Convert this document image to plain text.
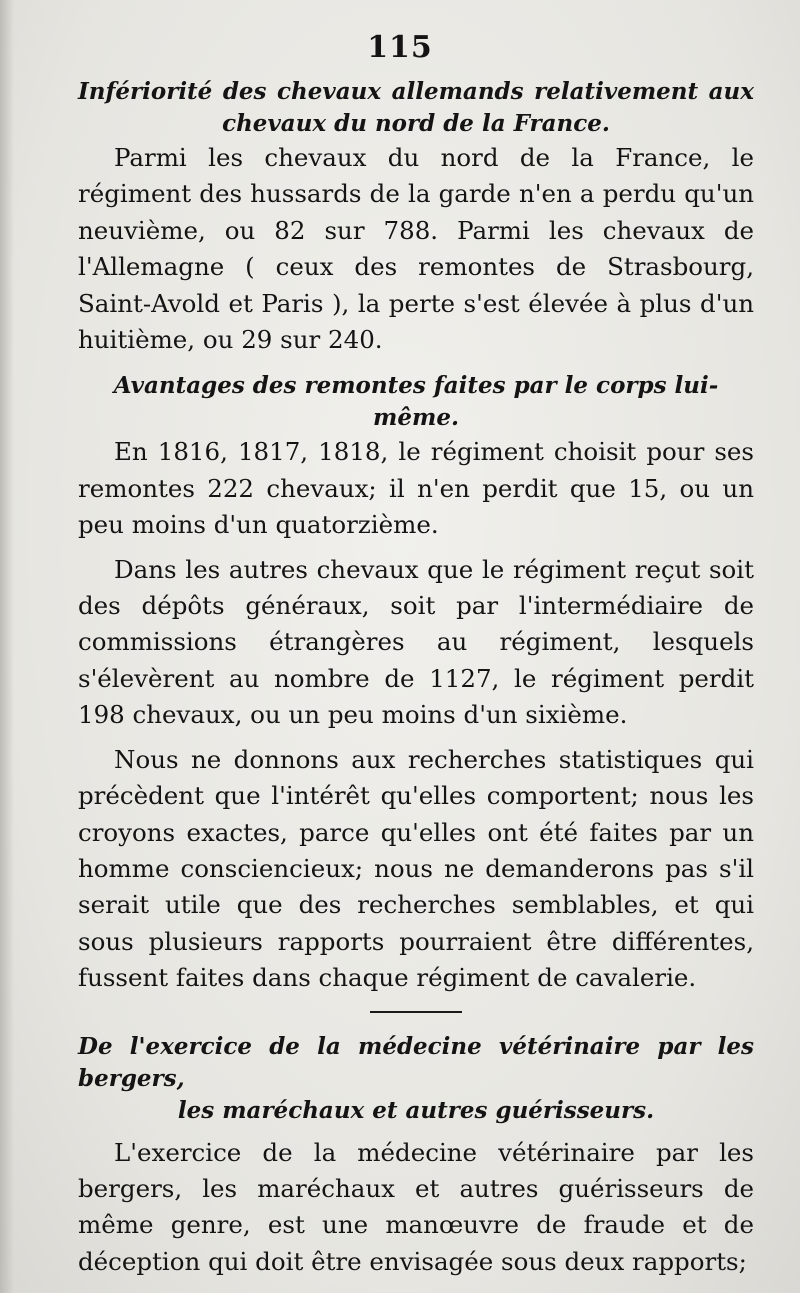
115
Infériorité des chevaux allemands relativement aux
chevaux du nord de la France.

Parmi les chevaux du nord de la France, le régiment des hussards de la garde n'en a perdu qu'un neuvième, ou 82 sur 788. Parmi les chevaux de l'Allemagne ( ceux des remontes de Strasbourg, Saint-Avold et Paris ), la perte s'est élevée à plus d'un huitième, ou 29 sur 240.

Avantages des remontes faites par le corps lui-même.

En 1816, 1817, 1818, le régiment choisit pour ses remontes 222 chevaux; il n'en perdit que 15, ou un peu moins d'un quatorzième.

Dans les autres chevaux que le régiment reçut soit des dépôts généraux, soit par l'intermédiaire de commissions étrangères au régiment, lesquels s'élevèrent au nombre de 1127, le régiment perdit 198 chevaux, ou un peu moins d'un sixième.

Nous ne donnons aux recherches statistiques qui précèdent que l'intérêt qu'elles comportent; nous les croyons exactes, parce qu'elles ont été faites par un homme consciencieux; nous ne demanderons pas s'il serait utile que des recherches semblables, et qui sous plusieurs rapports pourraient être différentes, fussent faites dans chaque régiment de cavalerie.

De l'exercice de la médecine vétérinaire par les bergers,
les maréchaux et autres guérisseurs.

L'exercice de la médecine vétérinaire par les bergers, les maréchaux et autres guérisseurs de même genre, est une manœuvre de fraude et de déception qui doit être envisagée sous deux rapports;
